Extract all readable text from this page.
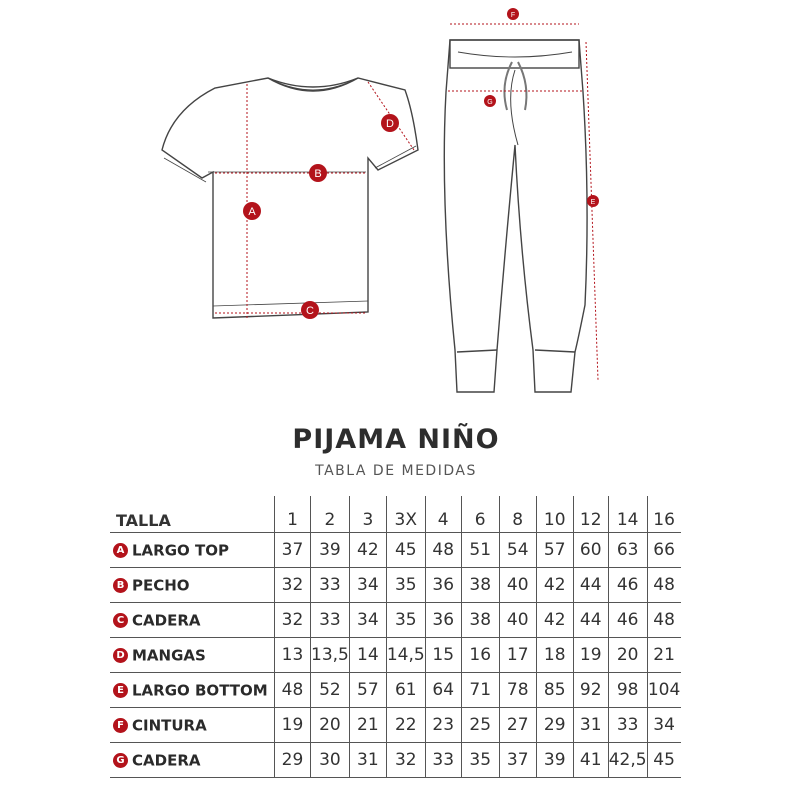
A
B
C
D
F
G
E
PIJAMA NIÑO
TABLA DE MEDIDAS
TALLA	1	2	3	3X	4	6	8	10	12	14	16
A LARGO TOP	37	39	42	45	48	51	54	57	60	63	66
B PECHO	32	33	34	35	36	38	40	42	44	46	48
C CADERA	32	33	34	35	36	38	40	42	44	46	48
D MANGAS	13	13,5	14	14,5	15	16	17	18	19	20	21
E LARGO BOTTOM	48	52	57	61	64	71	78	85	92	98	104
F CINTURA	19	20	21	22	23	25	27	29	31	33	34
G CADERA	29	30	31	32	33	35	37	39	41	42,5	45
